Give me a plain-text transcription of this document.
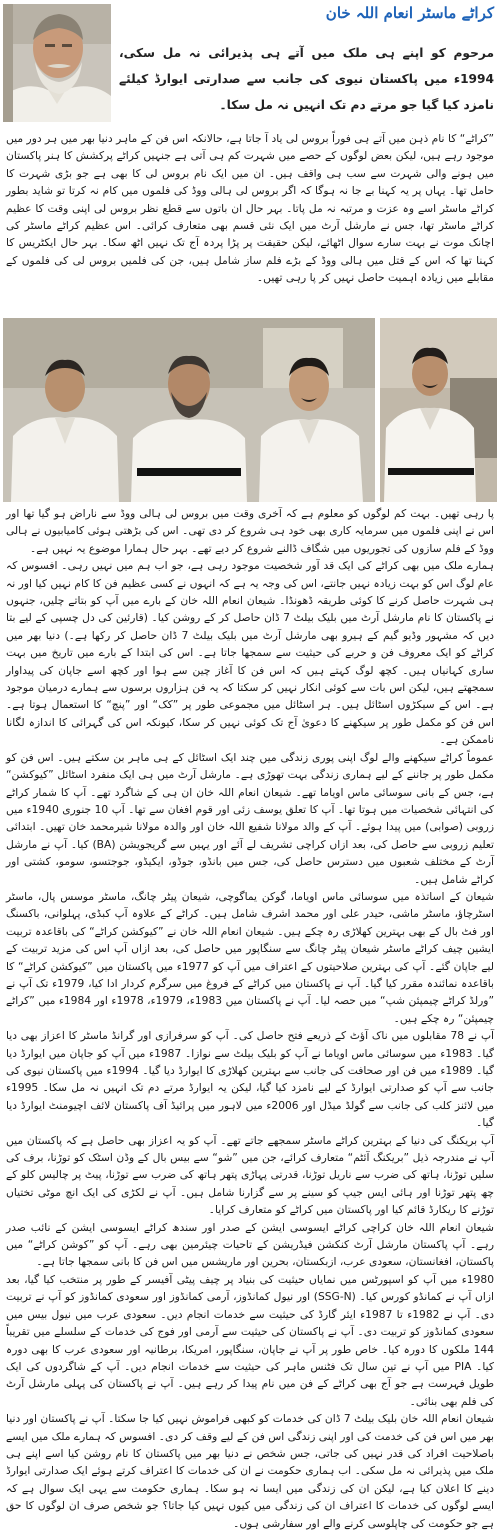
کراٹے ماسٹر انعام اللہ خان

مرحوم کو اپنے ہی ملک میں آتے ہی پذیرائی نہ مل سکی، 1994ء میں پاکستان نیوی کی جانب سے صدارتی ایوارڈ کیلئے نامزد کیا گیا جو مرتے دم تک انہیں نہ مل سکا۔

”کراٹے“ کا نام ذہن میں آتے ہی فوراً بروس لی یاد آ جاتا ہے، حالانکہ اس فن کے ماہر دنیا بھر میں ہر دور میں موجود رہے ہیں، لیکن بعض لوگوں کے حصے میں شہرت کم ہی آتی ہے جنہیں کراٹے پرکشش کا ہنر پاکستان میں ہونے والی شہرت سے سب ہی واقف ہیں۔ ان میں ایک نام بروس لی کا بھی ہے جو بڑی شہرت کا حامل تھا۔ یہاں پر یہ کہنا بے جا نہ ہوگا کہ اگر بروس لی ہالی ووڈ کی فلموں میں کام نہ کرتا تو شاید بطور کراٹے ماسٹر اسے وہ عزت و مرتبہ نہ مل پاتا۔ بہر حال ان باتوں سے قطع نظر بروس لی اپنی وقت کا عظیم کراٹے ماسٹر تھا، جس نے مارشل آرٹ میں ایک نئی قسم بھی متعارف کرائی۔ اس عظیم کراٹے ماسٹر کی اچانک موت نے بہت سارے سوال اٹھائے، لیکن حقیقت پر پڑا پردہ آج تک نہیں اٹھ سکا۔ بہر حال ایکٹریس کا کہنا تھا کہ اس کے قتل میں ہالی ووڈ کے بڑے فلم ساز شامل ہیں، جن کی فلمیں بروس لی کی فلموں کے مقابلے میں زیادہ اہمیت حاصل نہیں کر پا رہی تھیں۔

پا رہی تھیں۔ بہت کم لوگوں کو معلوم ہے کہ آخری وقت میں بروس لی ہالی ووڈ سے ناراض ہو گیا تھا اور اس نے اپنی فلموں میں سرمایہ کاری بھی خود ہی شروع کر دی تھی۔ اس کی بڑھتی ہوئی کامیابیوں نے ہالی ووڈ کے فلم سازوں کی تجوریوں میں شگاف ڈالنے شروع کر دیے تھے۔ بہر حال ہمارا موضوع یہ نہیں ہے۔

ہمارے ملک میں بھی کراٹے کی ایک قد آور شخصیت موجود رہی ہے، جو اب ہم میں نہیں رہی۔ افسوس کہ عام لوگ اس کو بہت زیادہ نہیں جانتے، اس کی وجہ یہ ہے کہ انہوں نے کسی عظیم فن کا کام نہیں کیا اور نہ ہی شہرت حاصل کرنے کا کوئی طریقہ ڈھونڈا۔ شیعان انعام اللہ خان کے بارے میں آپ کو بتاتے چلیں، جنہوں نے پاکستان کا نام مارشل آرٹ میں بلیک بیلٹ 7 ڈان حاصل کر کے روشن کیا۔ (قارئین کی دل چسپی کے لیے بتا دیں کہ مشہور وڈیو گیم کے ہیرو بھی مارشل آرٹ میں بلیک بیلٹ 7 ڈان حاصل کر رکھا ہے۔) دنیا بھر میں کراٹے کو ایک معروف فن و حربے کی حیثیت سے سمجھا جاتا ہے۔ اس کی ابتدا کے بارے میں تاریخ میں بہت ساری کہانیاں ہیں۔ کچھ لوگ کہتے ہیں کہ اس فن کا آغاز چین سے ہوا اور کچھ اسے جاپان کی پیداوار سمجھتے ہیں، لیکن اس بات سے کوئی انکار نہیں کر سکتا کہ یہ فن ہزاروں برسوں سے ہمارے درمیان موجود ہے۔ اس کے سیکڑوں اسٹائل ہیں۔ ہر اسٹائل میں مجموعی طور پر ”کک“ اور ”پنچ“ کا استعمال ہوتا ہے۔ اس فن کو مکمل طور پر سیکھنے کا دعویٰ آج تک کوئی نہیں کر سکا، کیونکہ اس کی گہرائی کا اندازہ لگانا ناممکن ہے۔

عموماً کراٹے سیکھنے والے لوگ اپنی پوری زندگی میں چند ایک اسٹائل کے ہی ماہر بن سکتے ہیں۔ اس فن کو مکمل طور پر جاننے کے لیے ہماری زندگی بہت تھوڑی ہے۔ مارشل آرٹ میں ہی ایک منفرد اسٹائل ”کیوکشن“ ہے، جس کے بانی سوسائی ماس اویاما تھے۔ شیعان انعام اللہ خان ان ہی کے شاگرد تھے۔ آپ کا شمار کراٹے کی انتہائی شخصیات میں ہوتا تھا۔ آپ کا تعلق یوسف زئی اور قوم افغان سے تھا۔ آپ 10 جنوری 1940ء میں زروبی (صوابی) میں پیدا ہوئے۔ آپ کے والد مولانا شفیع اللہ خان اور والدہ مولانا شیرمحمد خان تھیں۔ ابتدائی تعلیم زروبی سے حاصل کی، بعد ازاں کراچی تشریف لے آئے اور یہیں سے گریجویشن (BA) کیا۔ آپ نے مارشل آرٹ کے مختلف شعبوں میں دسترس حاصل کی، جس میں بانڈو، جوڈو، ایکیڈو، جوجتسو، سومو، کشتی اور کراٹے شامل ہیں۔

شیعان کے اساتذہ میں سوسائی ماس اویاما، گوکن یماگوچی، شیعان پیٹر چانگ، ماسٹر موسس پال، ماسٹر اسٹرچاؤ، ماسٹر ماشی، حیدر علی اور محمد اشرف شامل ہیں۔ کراٹے کے علاوہ آپ کبڈی، پہلوانی، باکسنگ اور فٹ بال کے بھی بہترین کھلاڑی رہ چکے ہیں۔ شیعان انعام اللہ خان نے ”کیوکشن کراٹے“ کی باقاعدہ تربیت ایشین چیف کراٹے ماسٹر شیعان پیٹر چانگ سے سنگاپور میں حاصل کی، بعد ازاں آپ اس کی مزید تربیت کے لیے جاپان گئے۔ آپ کی بہترین صلاحیتوں کے اعتراف میں آپ کو 1977ء میں پاکستان میں ”کیوکشن کراٹے“ کا باقاعدہ نمائندہ مقرر کیا گیا۔ آپ نے پاکستان میں کراٹے کے فروغ میں سرگرم کردار ادا کیا، 1979ء تک آپ نے ”ورلڈ کراٹے چیمپئن شپ“ میں حصہ لیا۔ آپ نے پاکستان میں 1983ء، 1979ء، 1978ء اور 1984ء میں ”کراٹے چیمپئن“ رہ چکے ہیں۔

آپ نے 78 مقابلوں میں ناک آؤٹ کے ذریعے فتح حاصل کی۔ آپ کو سرفرازی اور گرانڈ ماسٹر کا اعزاز بھی دیا گیا۔ 1983ء میں سوسائی ماس اویاما نے آپ کو بلیک بیلٹ سے نوازا۔ 1987ء میں آپ کو جاپان میں ایوارڈ دیا گیا۔ 1989ء میں فن اور صحافت کی جانب سے بہترین کھلاڑی کا ایوارڈ دیا گیا۔ 1994ء میں پاکستان نیوی کی جانب سے آپ کو صدارتی ایوارڈ کے لیے نامزد کیا گیا، لیکن یہ ایوارڈ مرتے دم تک انہیں نہ مل سکا۔ 1995ء میں لائنز کلب کی جانب سے گولڈ میڈل اور 2006ء میں لاہور میں پرائیڈ آف پاکستان لائف اچیومنٹ ایوارڈ دیا گیا۔

آپ بریکنگ کی دنیا کے بہترین کراٹے ماسٹر سمجھے جاتے تھے۔ آپ کو یہ اعزاز بھی حاصل ہے کہ پاکستان میں آپ نے مندرجہ ذیل ”بریکنگ آئٹم“ متعارف کرائے، جن میں ”شو“ سے بیس بال کے وڈن اسٹک کو توڑنا، برف کی سلیں توڑنا، ہاتھ کی ضرب سے ناریل توڑنا، قدرتی پہاڑی پتھر ہاتھ کی ضرب سے توڑنا، پیٹ پر چالیس کلو کے چھ پتھر توڑنا اور ہائی ایس جیپ کو سینے پر سے گزارنا شامل ہیں۔ آپ نے لکڑی کی ایک انچ موٹی تختیاں توڑنے کا ریکارڈ قائم کیا اور پاکستان میں کراٹے کو متعارف کرایا۔

شیعان انعام اللہ خان کراچی کراٹے ایسوسی ایشن کے صدر اور سندھ کراٹے ایسوسی ایشن کے نائب صدر رہے۔ آپ پاکستان مارشل آرٹ کنکشن فیڈریشن کے تاحیات چیئرمین بھی رہے۔ آپ کو ”کوشن کراٹے“ میں پاکستان، افغانستان، سعودی عرب، ازبکستان، بحرین اور ماریشس میں اس فن کا بانی سمجھا جاتا ہے۔

1980ء میں آپ کو اسپورٹس میں نمایاں حیثیت کی بنیاد پر چیف پیٹی آفیسر کے طور پر منتخب کیا گیا، بعد ازاں آپ نے کمانڈو کورس کیا۔ (SSG-N) اور نیول کمانڈوز، آرمی کمانڈوز اور سعودی کمانڈوز کو آپ نے تربیت دی۔ آپ نے 1982ء تا 1987ء ایئر گارڈ کی حیثیت سے خدمات انجام دیں۔ سعودی عرب میں نیول بیس میں سعودی کمانڈوز کو تربیت دی۔ آپ نے پاکستان کی حیثیت سے آرمی اور فوج کی خدمات کے سلسلے میں تقریباً 144 ملکوں کا دورہ کیا۔ خاص طور پر آپ نے جاپان، سنگاپور، امریکا، برطانیہ اور سعودی عرب کا بھی دورہ کیا۔ PIA میں آپ نے تین سال تک فٹنس ماہر کی حیثیت سے خدمات انجام دیں۔ آپ کے شاگردوں کی ایک طویل فہرست ہے جو آج بھی کراٹے کے فن میں نام پیدا کر رہے ہیں۔ آپ نے پاکستان کی پہلی مارشل آرٹ کی فلم بھی بنائی۔

شیعان انعام اللہ خان بلیک بیلٹ 7 ڈان کی خدمات کو کبھی فراموش نہیں کیا جا سکتا۔ آپ نے پاکستان اور دنیا بھر میں اس فن کی خدمت کی اور اپنی زندگی اس فن کے لیے وقف کر دی۔ افسوس کہ ہمارے ملک میں ایسے باصلاحیت افراد کی قدر نہیں کی جاتی، جس شخص نے دنیا بھر میں پاکستان کا نام روشن کیا اسے اپنے ہی ملک میں پذیرائی نہ مل سکی۔ اب ہماری حکومت نے ان کی خدمات کا اعتراف کرتے ہوئے ایک صدارتی ایوارڈ دینے کا اعلان کیا ہے، لیکن ان کی زندگی میں ایسا نہ ہو سکا۔ ہماری حکومت سے یہی ایک سوال ہے کہ ایسے لوگوں کی خدمات کا اعتراف ان کی زندگی میں کیوں نہیں کیا جاتا؟ جو شخص صرف ان لوگوں کا حق ہے جو حکومت کی چاپلوسی کرنے والے اور سفارشی ہوں۔
